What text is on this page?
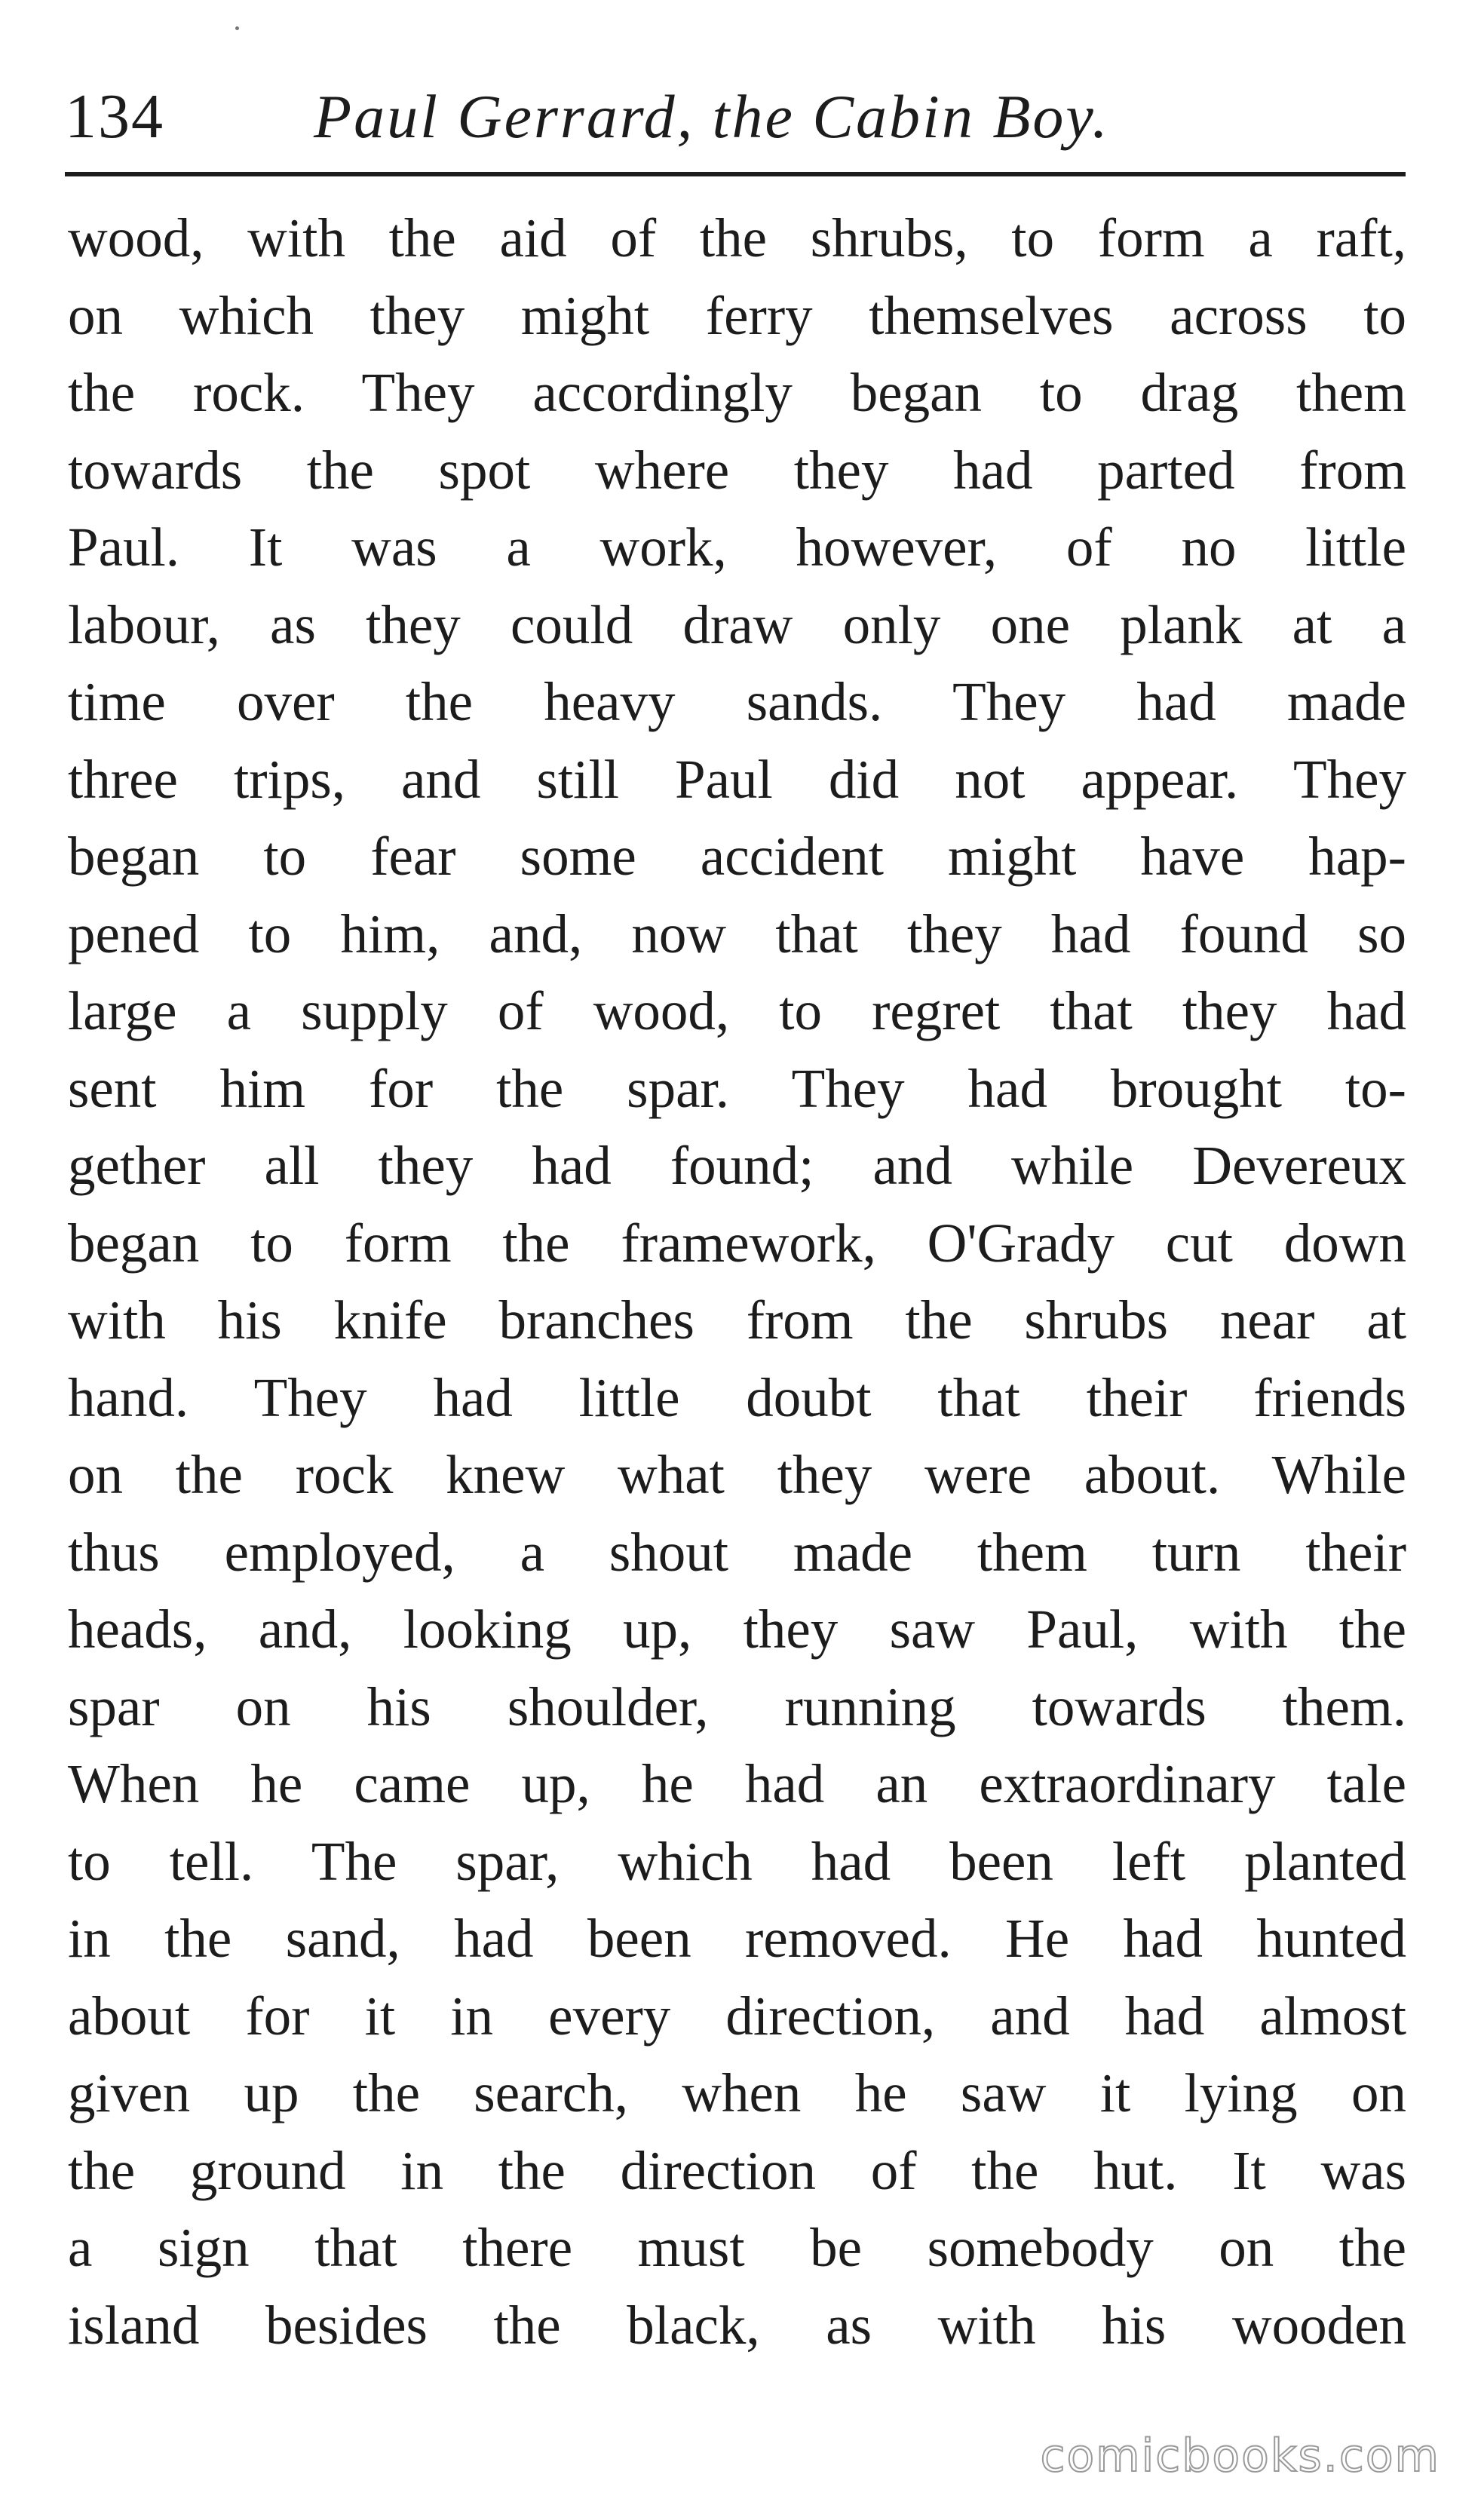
134 Paul Gerrard, the Cabin Boy.
wood, with the aid of the shrubs, to form a raft,
on which they might ferry themselves across to
the rock. They accordingly began to drag them
towards the spot where they had parted from
Paul. It was a work, however, of no little
labour, as they could draw only one plank at a
time over the heavy sands. They had made
three trips, and still Paul did not appear. They
began to fear some accident might have hap-
pened to him, and, now that they had found so
large a supply of wood, to regret that they had
sent him for the spar. They had brought to-
gether all they had found; and while Devereux
began to form the framework, O'Grady cut down
with his knife branches from the shrubs near at
hand. They had little doubt that their friends
on the rock knew what they were about. While
thus employed, a shout made them turn their
heads, and, looking up, they saw Paul, with the
spar on his shoulder, running towards them.
When he came up, he had an extraordinary tale
to tell. The spar, which had been left planted
in the sand, had been removed. He had hunted
about for it in every direction, and had almost
given up the search, when he saw it lying on
the ground in the direction of the hut. It was
a sign that there must be somebody on the
island besides the black, as with his wooden
comicbooks.com
